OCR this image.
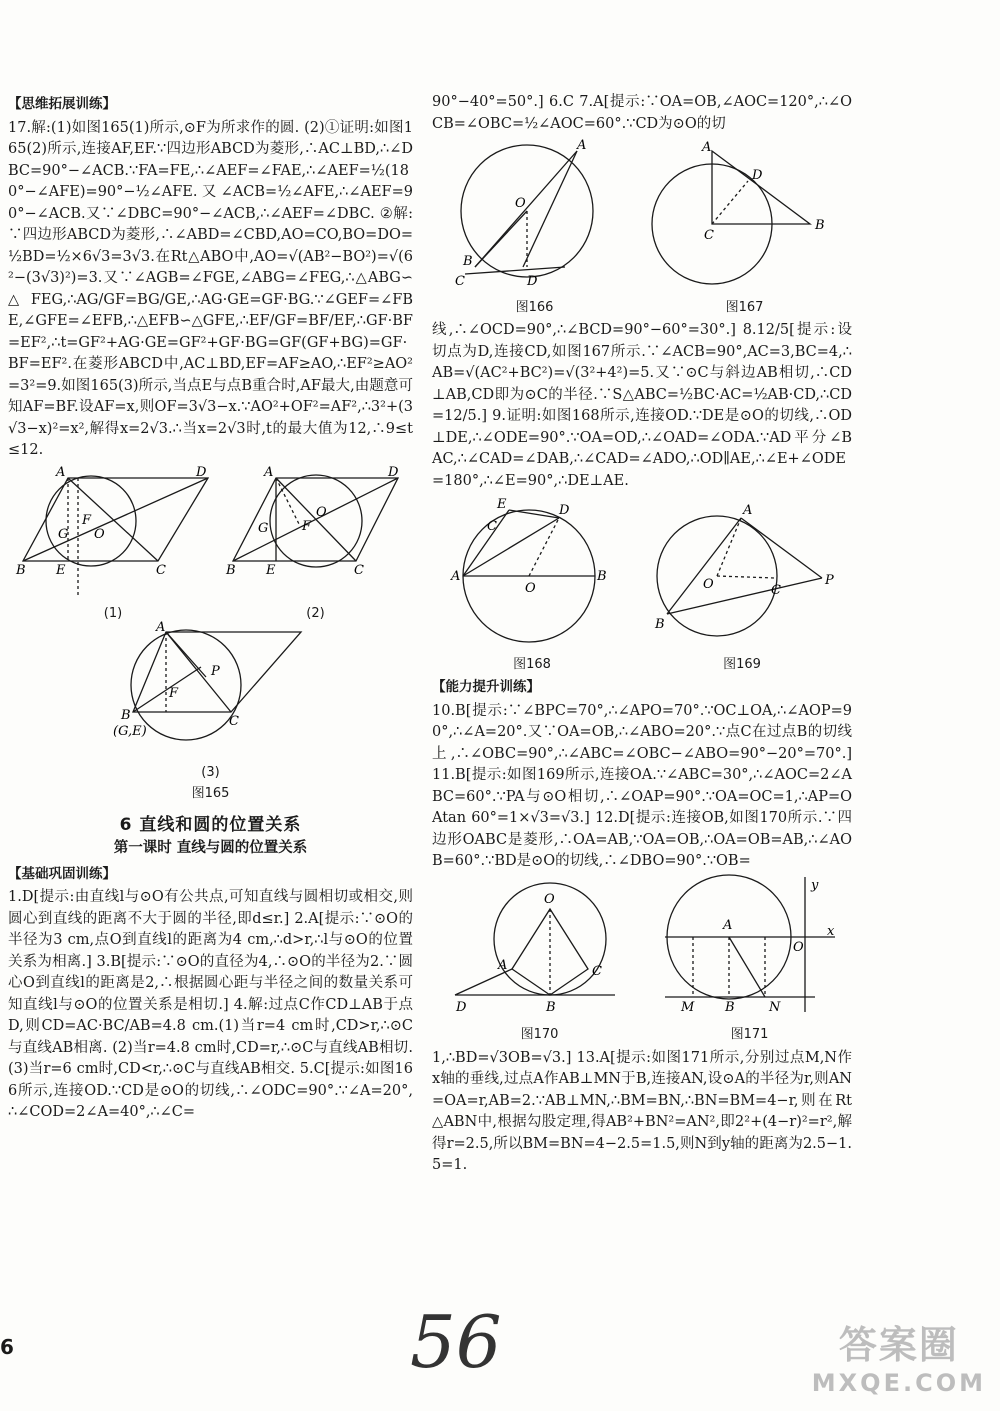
【思维拓展训练】

17.解:(1)如图165(1)所示,⊙F为所求作的圆. (2)①证明:如图165(2)所示,连接AF,EF.∵四边形ABCD为菱形,∴AC⊥BD,∴∠DBC=90°−∠ACB.∵FA=FE,∴∠AEF=∠FAE,∴∠AEF=½(180°−∠AFE)=90°−½∠AFE.又∠ACB=½∠AFE,∴∠AEF=90°−∠ACB.又∵∠DBC=90°−∠ACB,∴∠AEF=∠DBC. ②解:∵四边形ABCD为菱形,∴∠ABD=∠CBD,AO=CO,BO=DO=½BD=½×6√3=3√3.在Rt△ABO中,AO=√(AB²−BO²)=√(6²−(3√3)²)=3.又∵∠AGB=∠FGE,∠ABG=∠FEG,∴△ABG∽△FEG,∴AG/GF=BG/GE,∴AG·GE=GF·BG.∵∠GEF=∠FBE,∠GFE=∠EFB,∴△EFB∽△GFE,∴EF/GF=BF/EF,∴GF·BF=EF²,∴t=GF²+AG·GE=GF²+GF·BG=GF(GF+BG)=GF·BF=EF².在菱形ABCD中,AC⊥BD,EF=AF≥AO,∴EF²≥AO²=3²=9.如图165(3)所示,当点E与点B重合时,AF最大,由题意可知AF=BF.设AF=x,则OF=3√3−x.∵AO²+OF²=AF²,∴3²+(3√3−x)²=x²,解得x=2√3.∴当x=2√3时,t的最大值为12,∴9≤t≤12.

A	D
B E	C
F
G O
(1)
A	D
B E	C
F
G
O
(2)
A
B	C
P
F
(G,E)
(3)
图165
6 直线和圆的位置关系
第一课时 直线与圆的位置关系
【基础巩固训练】

1.D[提示:由直线l与⊙O有公共点,可知直线与圆相切或相交,则圆心到直线的距离不大于圆的半径,即d≤r.] 2.A[提示:∵⊙O的半径为3 cm,点O到直线l的距离为4 cm,∴d>r,∴l与⊙O的位置关系为相离.] 3.B[提示:∵⊙O的直径为4,∴⊙O的半径为2.∵圆心O到直线l的距离是2,∴根据圆心距与半径之间的数量关系可知直线l与⊙O的位置关系是相切.] 4.解:过点C作CD⊥AB于点D,则CD=AC·BC/AB=4.8 cm.(1)当r=4 cm时,CD>r,∴⊙C与直线AB相离. (2)当r=4.8 cm时,CD=r,∴⊙C与直线AB相切. (3)当r=6 cm时,CD<r,∴⊙C与直线AB相交. 5.C[提示:如图166所示,连接OD.∵CD是⊙O的切线,∴∠ODC=90°.∵∠A=20°,∴∠COD=2∠A=40°,∴∠C=

90°−40°=50°.] 6.C 7.A[提示:∵OA=OB,∠AOC=120°,∴∠OCB=∠OBC=½∠AOC=60°.∵CD为⊙O的切

A
O
B
C	D
图166
A
D
C
B
图167

线,∴∠OCD=90°,∴∠BCD=90°−60°=30°.] 8.12/5[提示:设切点为D,连接CD,如图167所示.∵∠ACB=90°,AC=3,BC=4,∴AB=√(AC²+BC²)=√(3²+4²)=5.又∵⊙C与斜边AB相切,∴CD⊥AB,CD即为⊙C的半径.∵S△ABC=½BC·AC=½AB·CD,∴CD=12/5.] 9.证明:如图168所示,连接OD.∵DE是⊙O的切线,∴OD⊥DE,∴∠ODE=90°.∵OA=OD,∴∠OAD=∠ODA.∵AD平分∠BAC,∴∠CAD=∠DAB,∴∠CAD=∠ADO,∴OD∥AE,∴∠E+∠ODE=180°,∴∠E=90°,∴DE⊥AE.

A
E
C
D
O
B
图168
A
O	C
P
B
图169
【能力提升训练】

10.B[提示:∵∠BPC=70°,∴∠APO=70°.∵OC⊥OA,∴∠AOP=90°,∴∠A=20°.又∵OA=OB,∴∠ABO=20°.∵点C在过点B的切线上,∴∠OBC=90°,∴∠ABC=∠OBC−∠ABO=90°−20°=70°.] 11.B[提示:如图169所示,连接OA.∵∠ABC=30°,∴∠AOC=2∠ABC=60°.∵PA与⊙O相切,∴∠OAP=90°.∵OA=OC=1,∴AP=OAtan 60°=1×√3=√3.] 12.D[提示:连接OB,如图170所示.∵四边形OABC是菱形,∴OA=AB,∵OA=OB,∴OA=OB=AB,∴∠AOB=60°.∵BD是⊙O的切线,∴∠DBO=90°.∵OB=

O
A	C
B
D
图170
A
y
x
O
M B	N
图171

1,∴BD=√3OB=√3.] 13.A[提示:如图171所示,分别过点M,N作x轴的垂线,过点A作AB⊥MN于B,连接AN,设⊙A的半径为r,则AN=OA=r,AB=2.∵AB⊥MN,∴BM=BN,∴BN=BM=4−r,则在Rt△ABN中,根据勾股定理,得AB²+BN²=AN²,即2²+(4−r)²=r²,解得r=2.5,所以BM=BN=4−2.5=1.5,则N到y轴的距离为2.5−1.5=1.

6	56	答案圈
MXQE.COM
